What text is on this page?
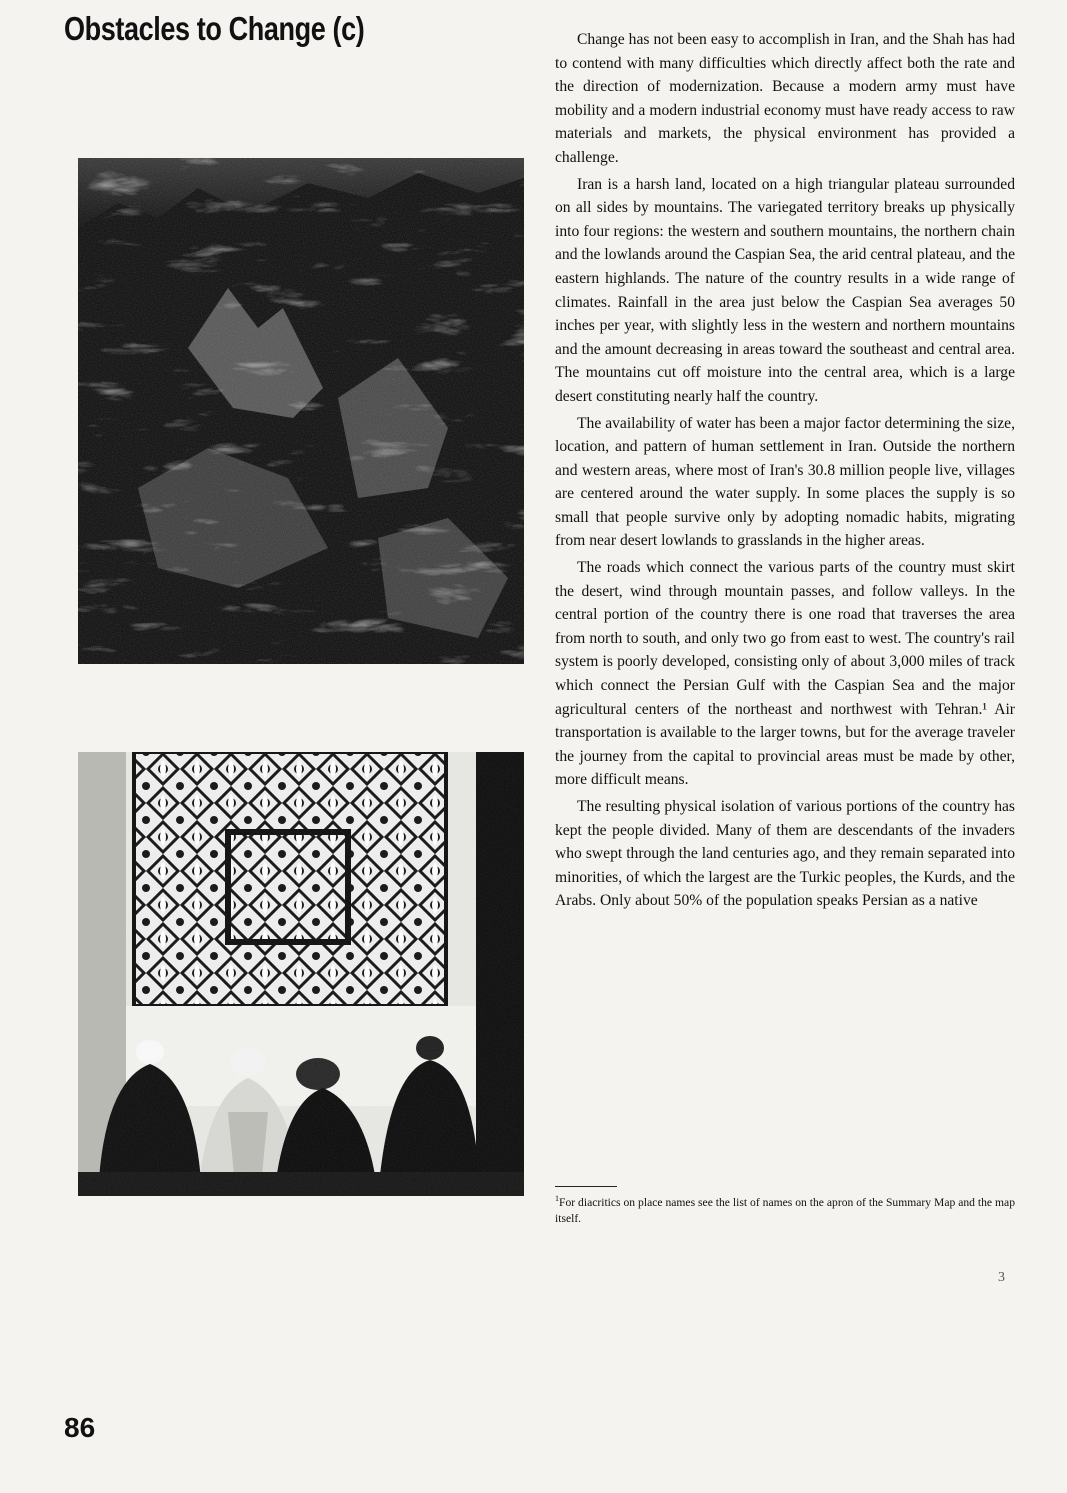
Obstacles to Change (c)	Change has not been easy to accomplish in Iran, and the Shah has had to contend with many difficulties which directly affect both the rate and the direction of modernization. Because a modern army must have mobility and a modern industrial economy must have ready access to raw materials and markets, the physical environment has provided a challenge.

Iran is a harsh land, located on a high triangular plateau surrounded on all sides by mountains. The variegated territory breaks up physically into four regions: the western and southern mountains, the northern chain and the lowlands around the Caspian Sea, the arid central plateau, and the eastern highlands. The nature of the country results in a wide range of climates. Rainfall in the area just below the Caspian Sea averages 50 inches per year, with slightly less in the western and northern mountains and the amount decreasing in areas toward the southeast and central area. The mountains cut off moisture into the central area, which is a large desert constituting nearly half the country.

The availability of water has been a major factor determining the size, location, and pattern of human settlement in Iran. Outside the northern and western areas, where most of Iran's 30.8 million people live, villages are centered around the water supply. In some places the supply is so small that people survive only by adopting nomadic habits, migrating from near desert lowlands to grasslands in the higher areas.

The roads which connect the various parts of the country must skirt the desert, wind through mountain passes, and follow valleys. In the central portion of the country there is one road that traverses the area from north to south, and only two go from east to west. The country's rail system is poorly developed, consisting only of about 3,000 miles of track which connect the Persian Gulf with the Caspian Sea and the major agricultural centers of the northeast and northwest with Tehran.¹ Air transportation is available to the larger towns, but for the average traveler the journey from the capital to provincial areas must be made by other, more difficult means.

The resulting physical isolation of various portions of the country has kept the people divided. Many of them are descendants of the invaders who swept through the land centuries ago, and they remain separated into minorities, of which the largest are the Turkic peoples, the Kurds, and the Arabs. Only about 50% of the population speaks Persian as a native

$^1$For diacritics on place names see the list of names on the apron of the Summary Map and the map itself.
3
86
